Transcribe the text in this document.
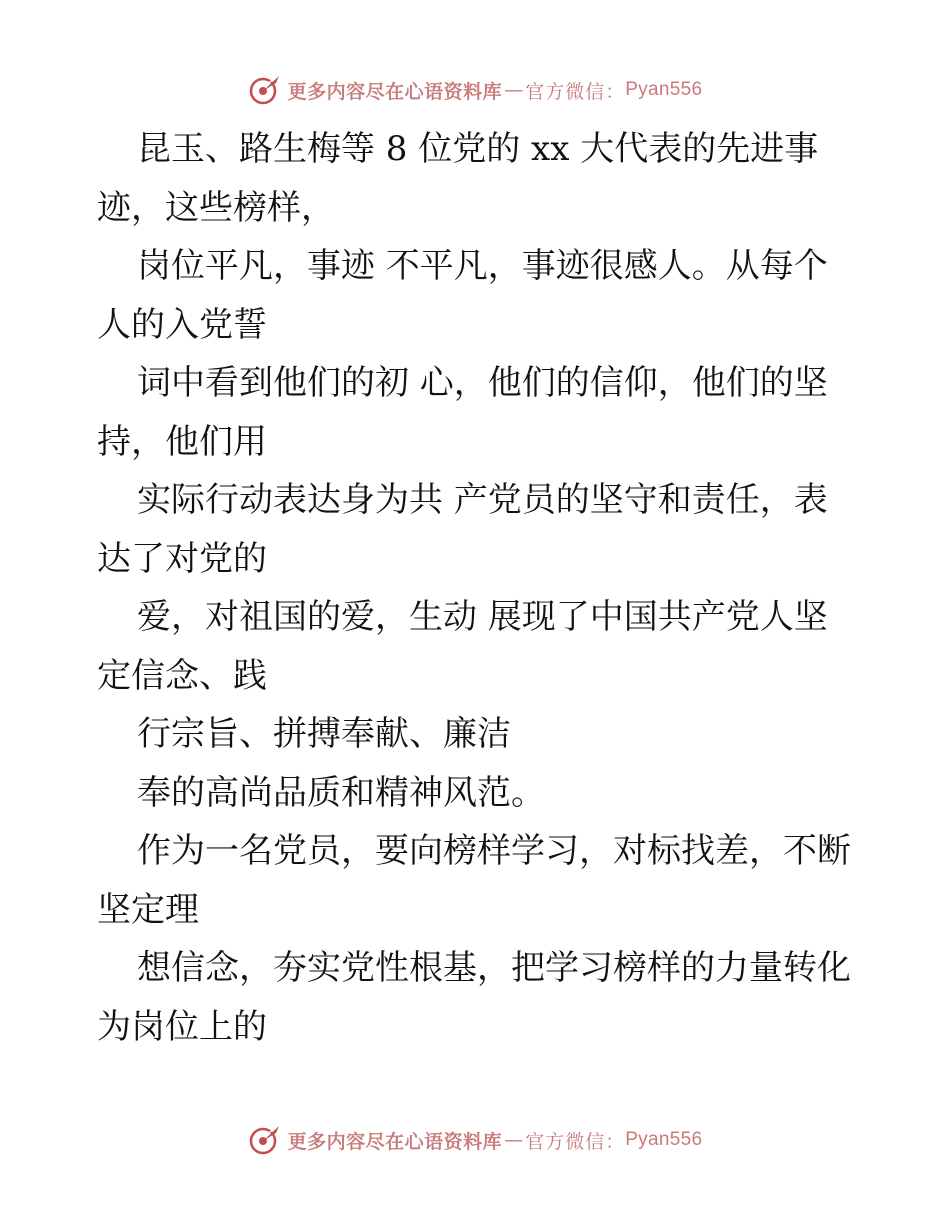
更多内容尽在心语资料库 — 官方微信： Pyan556
昆玉、路生梅等 8 位党的 xx 大代表的先进事
迹，这些榜样，
岗位平凡，事迹 不平凡，事迹很感人。从每个
人的入党誓
词中看到他们的初 心，他们的信仰，他们的坚
持，他们用
实际行动表达身为共 产党员的坚守和责任，表
达了对党的
爱，对祖国的爱，生动 展现了中国共产党人坚
定信念、践
行宗旨、拼搏奉献、廉洁
奉的高尚品质和精神风范。
作为一名党员，要向榜样学习，对标找差，不断
坚定理
想信念，夯实党性根基，把学习榜样的力量转化
为岗位上的
更多内容尽在心语资料库 — 官方微信： Pyan556
